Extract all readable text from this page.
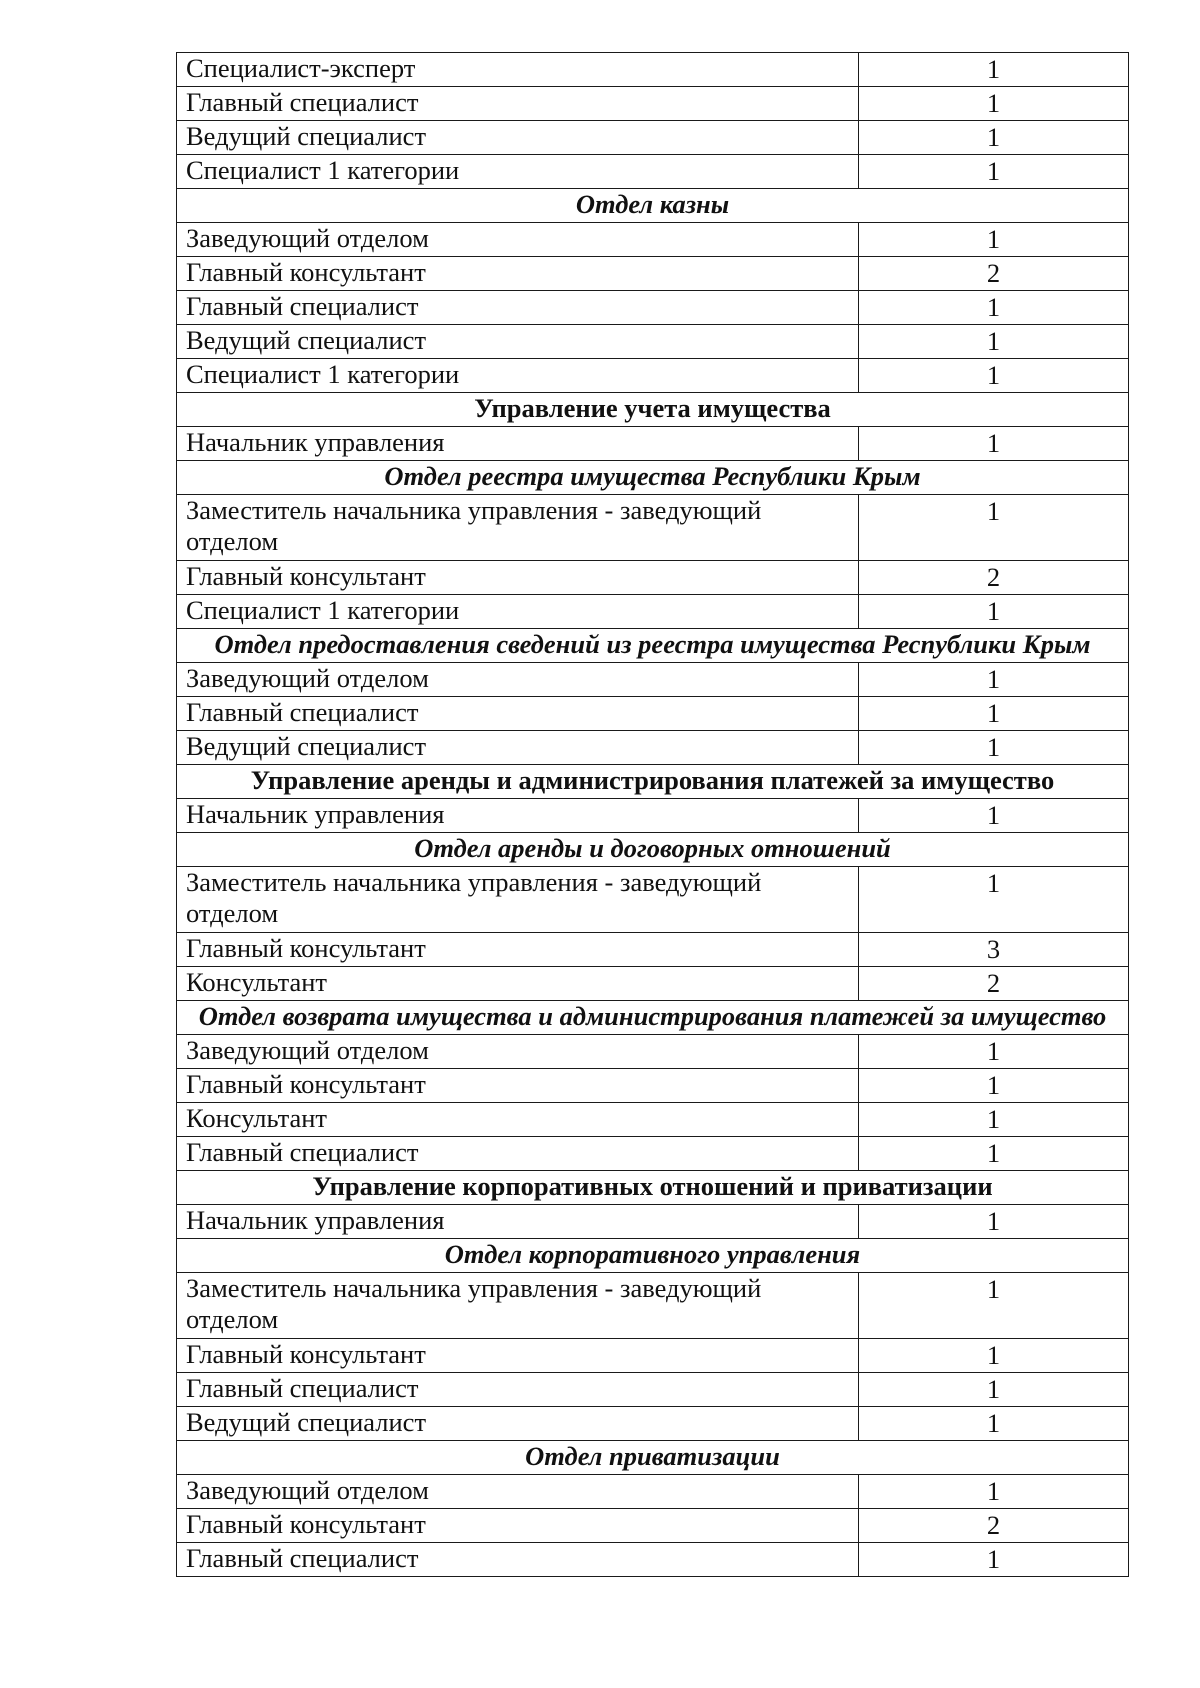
Специалист-эксперт	1
Главный специалист	1
Ведущий специалист	1
Специалист 1 категории	1
Отдел казны	
Заведующий отделом	1
Главный консультант	2
Главный специалист	1
Ведущий специалист	1
Специалист 1 категории	1
Управление учета имущества	
Начальник управления	1
Отдел реестра имущества Республики Крым	
Заместитель начальника управления - заведующий отделом	1
Главный консультант	2
Специалист 1 категории	1
Отдел предоставления сведений из реестра имущества Республики Крым	
Заведующий отделом	1
Главный специалист	1
Ведущий специалист	1
Управление аренды и администрирования платежей за имущество	
Начальник управления	1
Отдел аренды и договорных отношений	
Заместитель начальника управления - заведующий отделом	1
Главный консультант	3
Консультант	2
Отдел возврата имущества и администрирования платежей за имущество	
Заведующий отделом	1
Главный консультант	1
Консультант	1
Главный специалист	1
Управление корпоративных отношений и приватизации	
Начальник управления	1
Отдел корпоративного управления	
Заместитель начальника управления - заведующий отделом	1
Главный консультант	1
Главный специалист	1
Ведущий специалист	1
Отдел приватизации	
Заведующий отделом	1
Главный консультант	2
Главный специалист	1
